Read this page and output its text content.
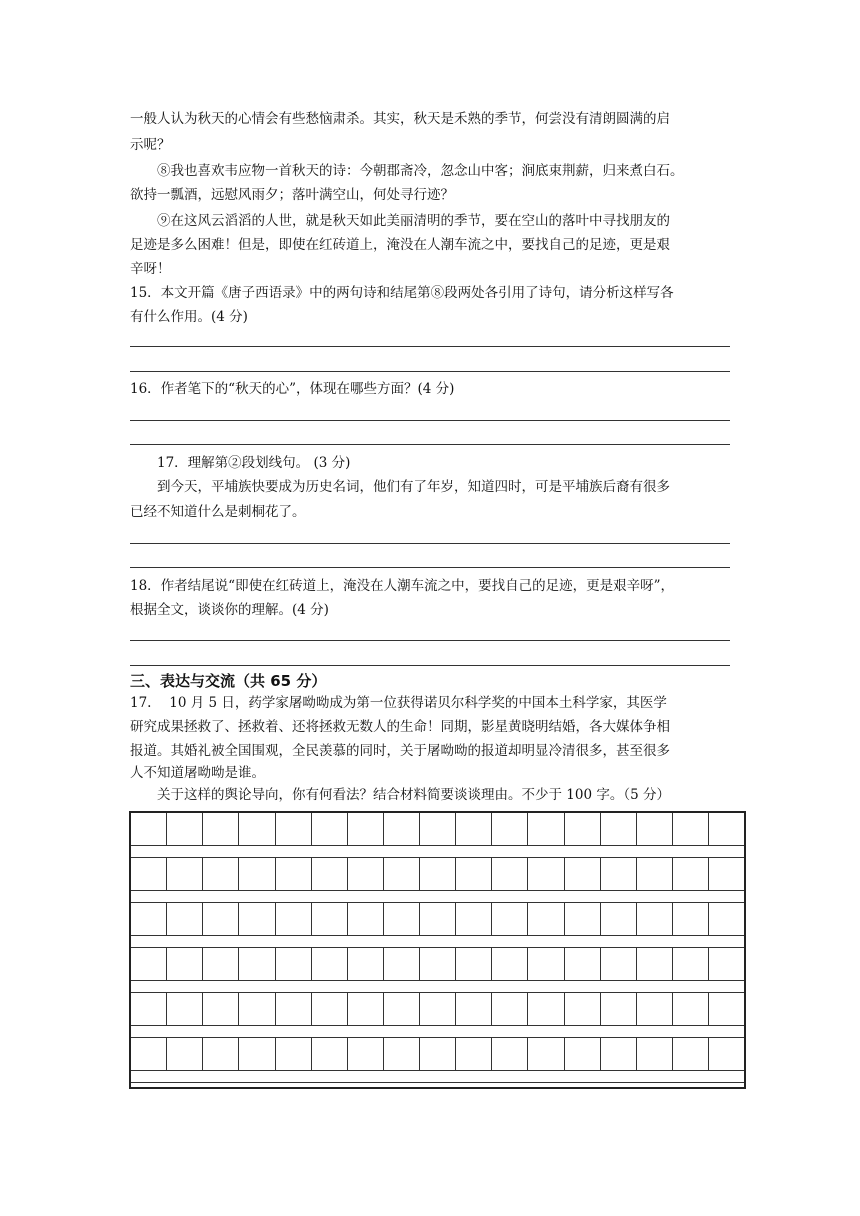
一般人认为秋天的心情会有些愁恼肃杀。其实，秋天是禾熟的季节，何尝没有清朗圆满的启
示呢？
　　⑧我也喜欢韦应物一首秋天的诗：今朝郡斋冷，忽念山中客；涧底束荆薪，归来煮白石。
欲持一瓢酒，远慰风雨夕；落叶满空山，何处寻行迹？
　　⑨在这风云滔滔的人世，就是秋天如此美丽清明的季节，要在空山的落叶中寻找朋友的
足迹是多么困难！但是，即使在红砖道上，淹没在人潮车流之中，要找自己的足迹，更是艰
辛呀！
15．本文开篇《唐子西语录》中的两句诗和结尾第⑧段两处各引用了诗句，请分析这样写各
有什么作用。(4 分)
16．作者笔下的“秋天的心”，体现在哪些方面？(4 分)
　　17．理解第②段划线句。 (3 分)
　　到今天，平埔族快要成为历史名词，他们有了年岁，知道四时，可是平埔族后裔有很多
已经不知道什么是刺桐花了。
18．作者结尾说“即使在红砖道上，淹没在人潮车流之中，要找自己的足迹，更是艰辛呀”，
根据全文，谈谈你的理解。(4 分)
三、表达与交流（共 65 分）
17.　 10 月 5 日，药学家屠呦呦成为第一位获得诺贝尔科学奖的中国本土科学家，其医学
研究成果拯救了、拯救着、还将拯救无数人的生命！同期，影星黄晓明结婚，各大媒体争相
报道。其婚礼被全国围观，全民羡慕的同时，关于屠呦呦的报道却明显冷清很多，甚至很多
人不知道屠呦呦是谁。
　　关于这样的舆论导向，你有何看法？结合材料简要谈谈理由。不少于 100 字。（5 分）
